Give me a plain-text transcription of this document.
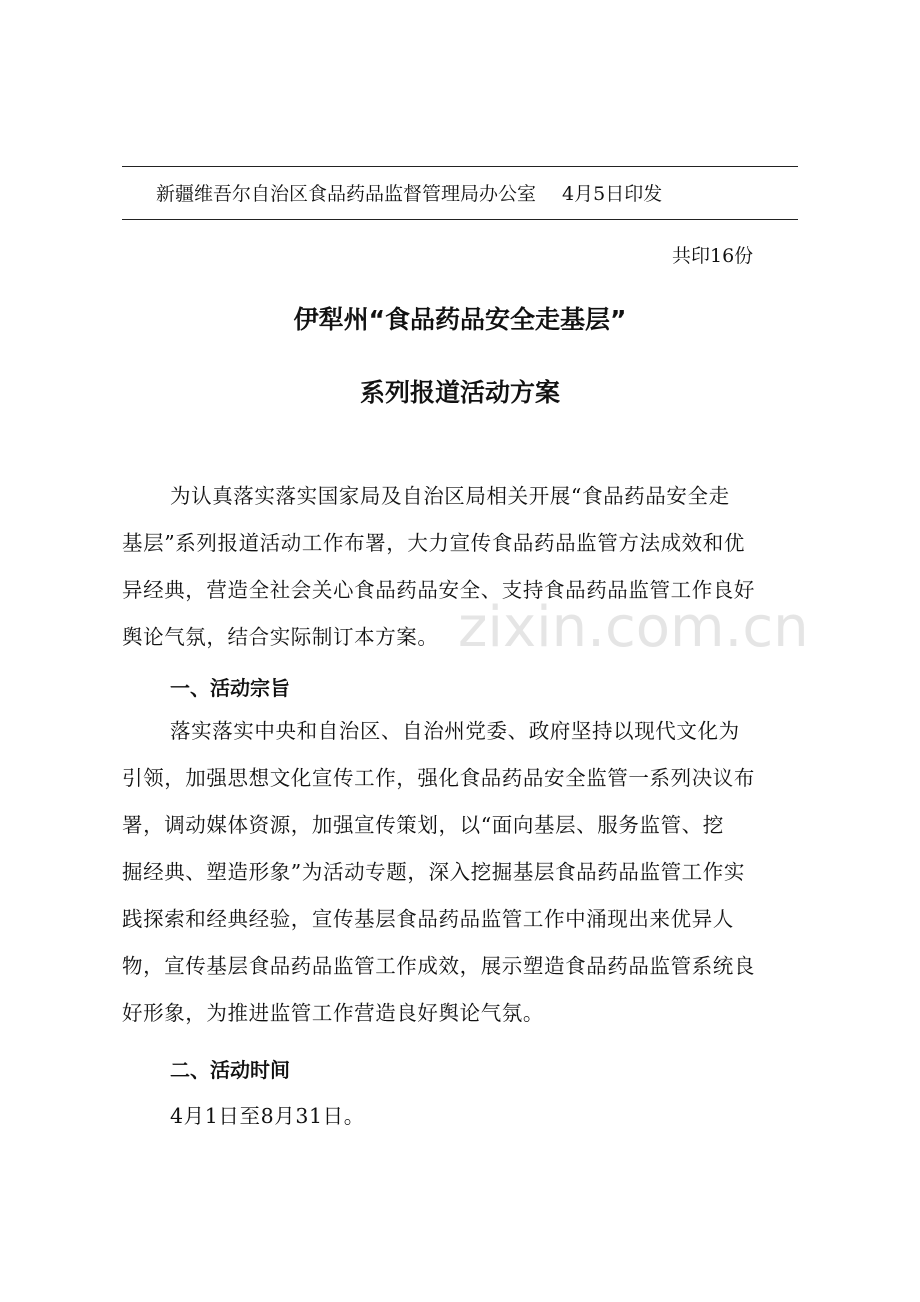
新疆维吾尔自治区食品药品监督管理局办公室 4月5日印发
共印16份
伊犁州“食品药品安全走基层”
系列报道活动方案
为认真落实落实国家局及自治区局相关开展“食品药品安全走
基层”系列报道活动工作布署，大力宣传食品药品监管方法成效和优
异经典，营造全社会关心食品药品安全、支持食品药品监管工作良好
舆论气氛，结合实际制订本方案。
一、活动宗旨
落实落实中央和自治区、自治州党委、政府坚持以现代文化为
引领，加强思想文化宣传工作，强化食品药品安全监管一系列决议布
署，调动媒体资源，加强宣传策划，以“面向基层、服务监管、挖
掘经典、塑造形象”为活动专题，深入挖掘基层食品药品监管工作实
践探索和经典经验，宣传基层食品药品监管工作中涌现出来优异人
物，宣传基层食品药品监管工作成效，展示塑造食品药品监管系统良
好形象，为推进监管工作营造良好舆论气氛。
二、活动时间
4月1日至8月31日。
zixin.com.cn
